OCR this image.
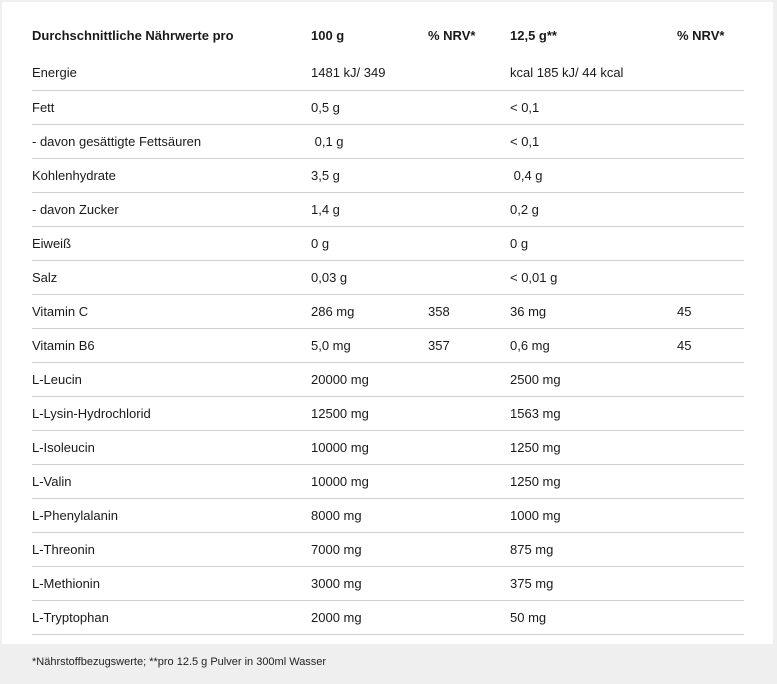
Durchschnittliche Nährwerte pro	100 g	% NRV*	12,5 g**	% NRV*
Energie	1481 kJ/ 349		kcal 185 kJ/ 44 kcal	
Fett	0,5 g		< 0,1	
- davon gesättigte Fettsäuren	0,1 g		< 0,1	
Kohlenhydrate	3,5 g		0,4 g	
- davon Zucker	1,4 g		0,2 g	
Eiweiß	0 g		0 g	
Salz	0,03 g		< 0,01 g	
Vitamin C	286 mg	358	36 mg	45
Vitamin B6	5,0 mg	357	0,6 mg	45
L-Leucin	20000 mg		2500 mg	
L-Lysin-Hydrochlorid	12500 mg		1563 mg	
L-Isoleucin	10000 mg		1250 mg	
L-Valin	10000 mg		1250 mg	
L-Phenylalanin	8000 mg		1000 mg	
L-Threonin	7000 mg		875 mg	
L-Methionin	3000 mg		375 mg	
L-Tryptophan	2000 mg		50 mg	
*Nährstoffbezugswerte; **pro 12.5 g Pulver in 300ml Wasser
